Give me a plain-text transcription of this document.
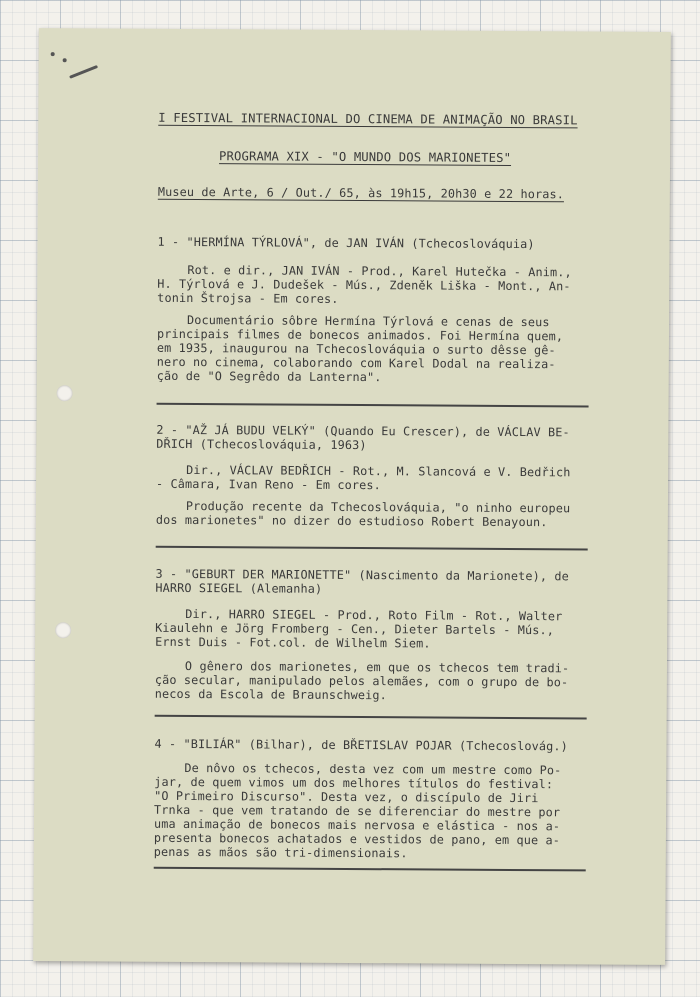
I FESTIVAL INTERNACIONAL DO CINEMA DE ANIMAÇÃO NO BRASIL
PROGRAMA XIX - "O MUNDO DOS MARIONETES"
Museu de Arte, 6 / Out./ 65, às 19h15, 20h30 e 22 horas.
1 - "HERMÍNA TÝRLOVÁ", de JAN IVÁN (Tchecoslováquia)
Rot. e dir., JAN IVÁN - Prod., Karel Hutečka - Anim.,
H. Týrlová e J. Dudešek - Mús., Zdeněk Liška - Mont., An-
tonin Štrojsa - Em cores.
Documentário sôbre Hermína Týrlová e cenas de seus
principais filmes de bonecos animados. Foi Hermína quem,
em 1935, inaugurou na Tchecoslováquia o surto dêsse gê-
nero no cinema, colaborando com Karel Dodal na realiza-
ção de "O Segrêdo da Lanterna".
2 - "AŽ JÁ BUDU VELKÝ" (Quando Eu Crescer), de VÁCLAV BE-
DŘICH (Tchecoslováquia, 1963)
Dir., VÁCLAV BEDŘICH - Rot., M. Slancová e V. Bedřich
- Câmara, Ivan Reno - Em cores.
Produção recente da Tchecoslováquia, "o ninho europeu
dos marionetes" no dizer do estudioso Robert Benayoun.
3 - "GEBURT DER MARIONETTE" (Nascimento da Marionete), de
HARRO SIEGEL (Alemanha)
Dir., HARRO SIEGEL - Prod., Roto Film - Rot., Walter
Kiaulehn e Jörg Fromberg - Cen., Dieter Bartels - Mús.,
Ernst Duis - Fot.col. de Wilhelm Siem.
O gênero dos marionetes, em que os tchecos tem tradi-
ção secular, manipulado pelos alemães, com o grupo de bo-
necos da Escola de Braunschweig.
4 - "BILIÁR" (Bilhar), de BŘETISLAV POJAR (Tchecoslovág.)
De nôvo os tchecos, desta vez com um mestre como Po-
jar, de quem vimos um dos melhores títulos do festival:
"O Primeiro Discurso". Desta vez, o discípulo de Jiri
Trnka - que vem tratando de se diferenciar do mestre por
uma animação de bonecos mais nervosa e elástica - nos a-
presenta bonecos achatados e vestidos de pano, em que a-
penas as mãos são tri-dimensionais.
